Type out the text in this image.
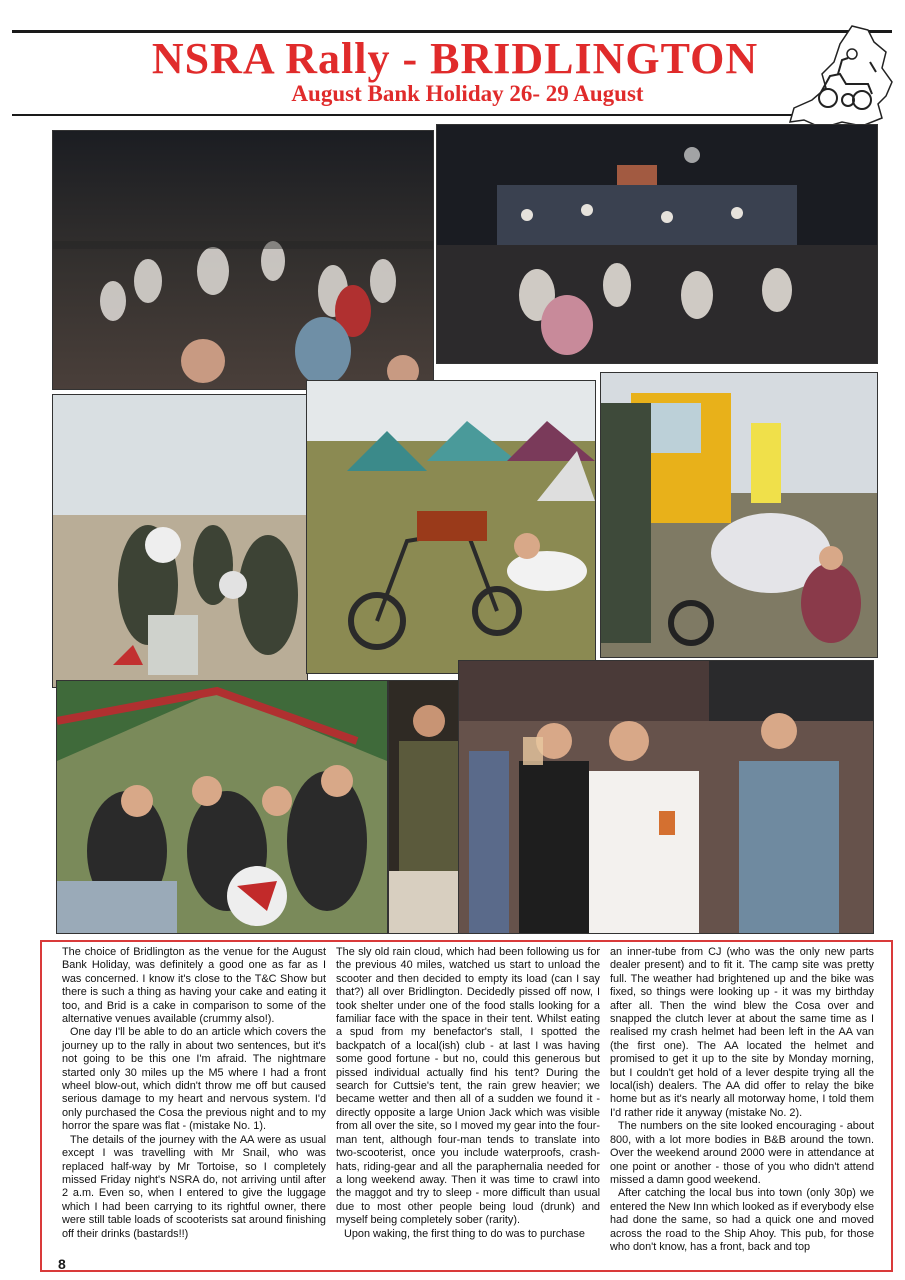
NSRA Rally - BRIDLINGTON
August Bank Holiday 26- 29 August

The choice of Bridlington as the venue for the August Bank Holiday, was definitely a good one as far as I was concerned. I know it's close to the T&C Show but there is such a thing as having your cake and eating it too, and Brid is a cake in comparison to some of the alternative venues available (crummy also!).

One day I'll be able to do an article which covers the journey up to the rally in about two sentences, but it's not going to be this one I'm afraid. The nightmare started only 30 miles up the M5 where I had a front wheel blow-out, which didn't throw me off but caused serious damage to my heart and nervous system. I'd only purchased the Cosa the previous night and to my horror the spare was flat - (mistake No. 1).

The details of the journey with the AA were as usual except I was travelling with Mr Snail, who was replaced half-way by Mr Tortoise, so I completely missed Friday night's NSRA do, not arriving until after 2 a.m. Even so, when I entered to give the luggage which I had been carrying to its rightful owner, there were still table loads of scooterists sat around finishing off their drinks (bastards!!)

The sly old rain cloud, which had been following us for the previous 40 miles, watched us start to unload the scooter and then decided to empty its load (can I say that?) all over Bridlington. Decidedly pissed off now, I took shelter under one of the food stalls looking for a familiar face with the space in their tent. Whilst eating a spud from my benefactor's stall, I spotted the backpatch of a local(ish) club - at last I was having some good fortune - but no, could this generous but pissed individual actually find his tent? During the search for Cuttsie's tent, the rain grew heavier; we became wetter and then all of a sudden we found it - directly opposite a large Union Jack which was visible from all over the site, so I moved my gear into the four-man tent, although four-man tends to translate into two-scooterist, once you include waterproofs, crash-hats, riding-gear and all the paraphernalia needed for a long weekend away. Then it was time to crawl into the maggot and try to sleep - more difficult than usual due to most other people being loud (drunk) and myself being completely sober (rarity).

Upon waking, the first thing to do was to purchase

an inner-tube from CJ (who was the only new parts dealer present) and to fit it. The camp site was pretty full. The weather had brightened up and the bike was fixed, so things were looking up - it was my birthday after all. Then the wind blew the Cosa over and snapped the clutch lever at about the same time as I realised my crash helmet had been left in the AA van (the first one). The AA located the helmet and promised to get it up to the site by Monday morning, but I couldn't get hold of a lever despite trying all the local(ish) dealers. The AA did offer to relay the bike home but as it's nearly all motorway home, I told them I'd rather ride it anyway (mistake No. 2).

The numbers on the site looked encouraging - about 800, with a lot more bodies in B&B around the town. Over the weekend around 2000 were in attendance at one point or another - those of you who didn't attend missed a damn good weekend.

After catching the local bus into town (only 30p) we entered the New Inn which looked as if everybody else had done the same, so had a quick one and moved across the road to the Ship Ahoy. This pub, for those who don't know, has a front, back and top

8
